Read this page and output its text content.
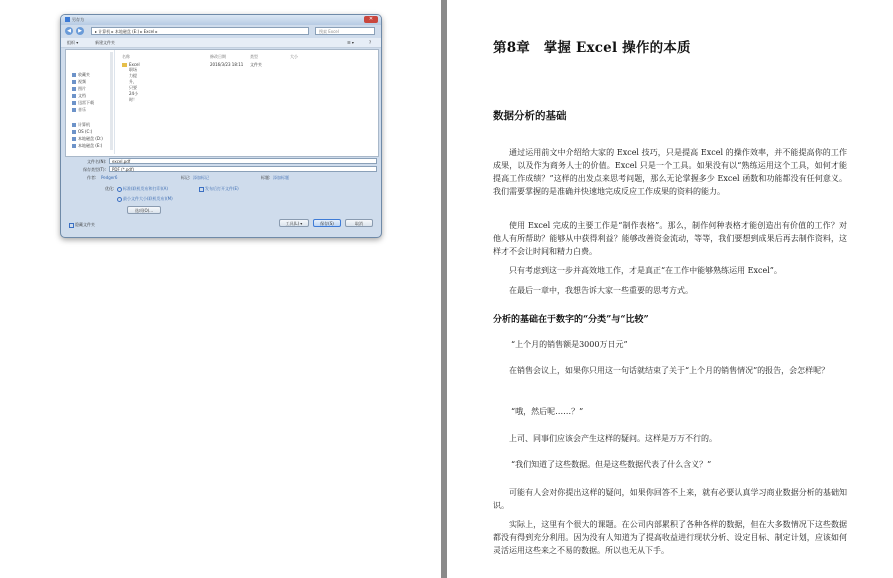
另存为	✕
◀	▶	▸ 计算机 ▸ 本地磁盘 (E:) ▸ Excel ▸	搜索 Excel
组织 ▾	新建文件夹	☰ ▾	?
收藏夹
视频
图片
文档
迅雷下载
音乐
计算机
OS (C:)
本地磁盘 (D:)
本地磁盘 (E:)
名称	修改日期	类型	大小
Excel职场力提升，只要24小时！
2016/3/23 18:11 文件夹
文件名(N):	excel.pdf
保存类型(T):	PDF (*.pdf)
作者: Pedger6	标记: 添加标记	标题: 添加标题
优化:	标准(联机发布和打印)(A)
最小文件大小(联机发布)(M)
发布后打开文件(E)
选项(O)...
隐藏文件夹	工具(L) ▾	保存(S)	取消
第8章　掌握 Excel 操作的本质
数据分析的基础
通过运用前文中介绍给大家的 Excel 技巧，只是提高 Excel 的操作效率，并不能提高你的工作成果，以及作为商务人士的价值。Excel 只是一个工具。如果没有以“熟练运用这个工具，如何才能提高工作成绩？”这样的出发点来思考问题，那么无论掌握多少 Excel 函数和功能都没有任何意义。我们需要掌握的是准确并快速地完成反应工作成果的资料的能力。
使用 Excel 完成的主要工作是“制作表格”。那么，制作何种表格才能创造出有价值的工作？对他人有所帮助？能够从中获得利益？能够改善资金流动，等等，我们要想到成果后再去制作资料，这样才不会让时间和精力白费。
只有考虑到这一步并高效地工作，才是真正“在工作中能够熟练运用 Excel”。
在最后一章中，我想告诉大家一些重要的思考方式。
分析的基础在于数字的“分类”与“比较”
“上个月的销售额是3000万日元”
在销售会议上，如果你只用这一句话就结束了关于“上个月的销售情况”的报告，会怎样呢？
“哦，然后呢……？”
上司、同事们应该会产生这样的疑问。这样是万万不行的。
“我们知道了这些数据。但是这些数据代表了什么含义？”
可能有人会对你提出这样的疑问，如果你回答不上来，就有必要认真学习商业数据分析的基础知识。
实际上，这里有个很大的课题。在公司内部累积了各种各样的数据，但在大多数情况下这些数据都没有得到充分利用。因为没有人知道为了提高收益进行现状分析、设定目标、制定计划，应该如何灵活运用这些来之不易的数据。所以也无从下手。
